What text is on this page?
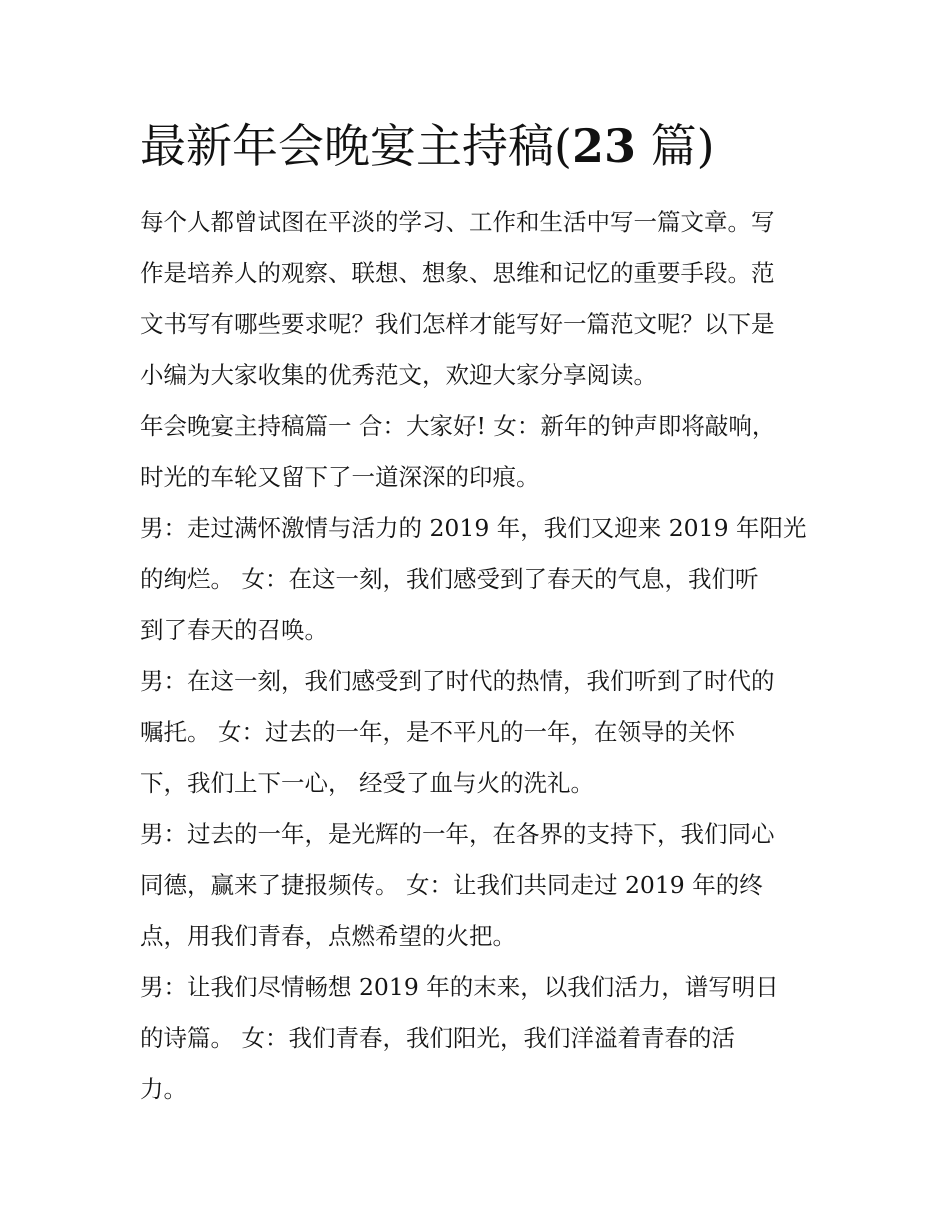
最新年会晚宴主持稿(23 篇)
每个人都曾试图在平淡的学习、工作和生活中写一篇文章。写
作是培养人的观察、联想、想象、思维和记忆的重要手段。范
文书写有哪些要求呢？我们怎样才能写好一篇范文呢？以下是
小编为大家收集的优秀范文，欢迎大家分享阅读。
年会晚宴主持稿篇一 合：大家好! 女：新年的钟声即将敲响，
时光的车轮又留下了一道深深的印痕。
男：走过满怀激情与活力的 2019 年，我们又迎来 2019 年阳光
的绚烂。 女：在这一刻，我们感受到了春天的气息，我们听
到了春天的召唤。
男：在这一刻，我们感受到了时代的热情，我们听到了时代的
嘱托。 女：过去的一年，是不平凡的一年，在领导的关怀
下，我们上下一心， 经受了血与火的洗礼。
男：过去的一年，是光辉的一年，在各界的支持下，我们同心
同德，赢来了捷报频传。 女：让我们共同走过 2019 年的终
点，用我们青春，点燃希望的火把。
男：让我们尽情畅想 2019 年的末来，以我们活力，谱写明日
的诗篇。 女：我们青春，我们阳光，我们洋溢着青春的活
力。
